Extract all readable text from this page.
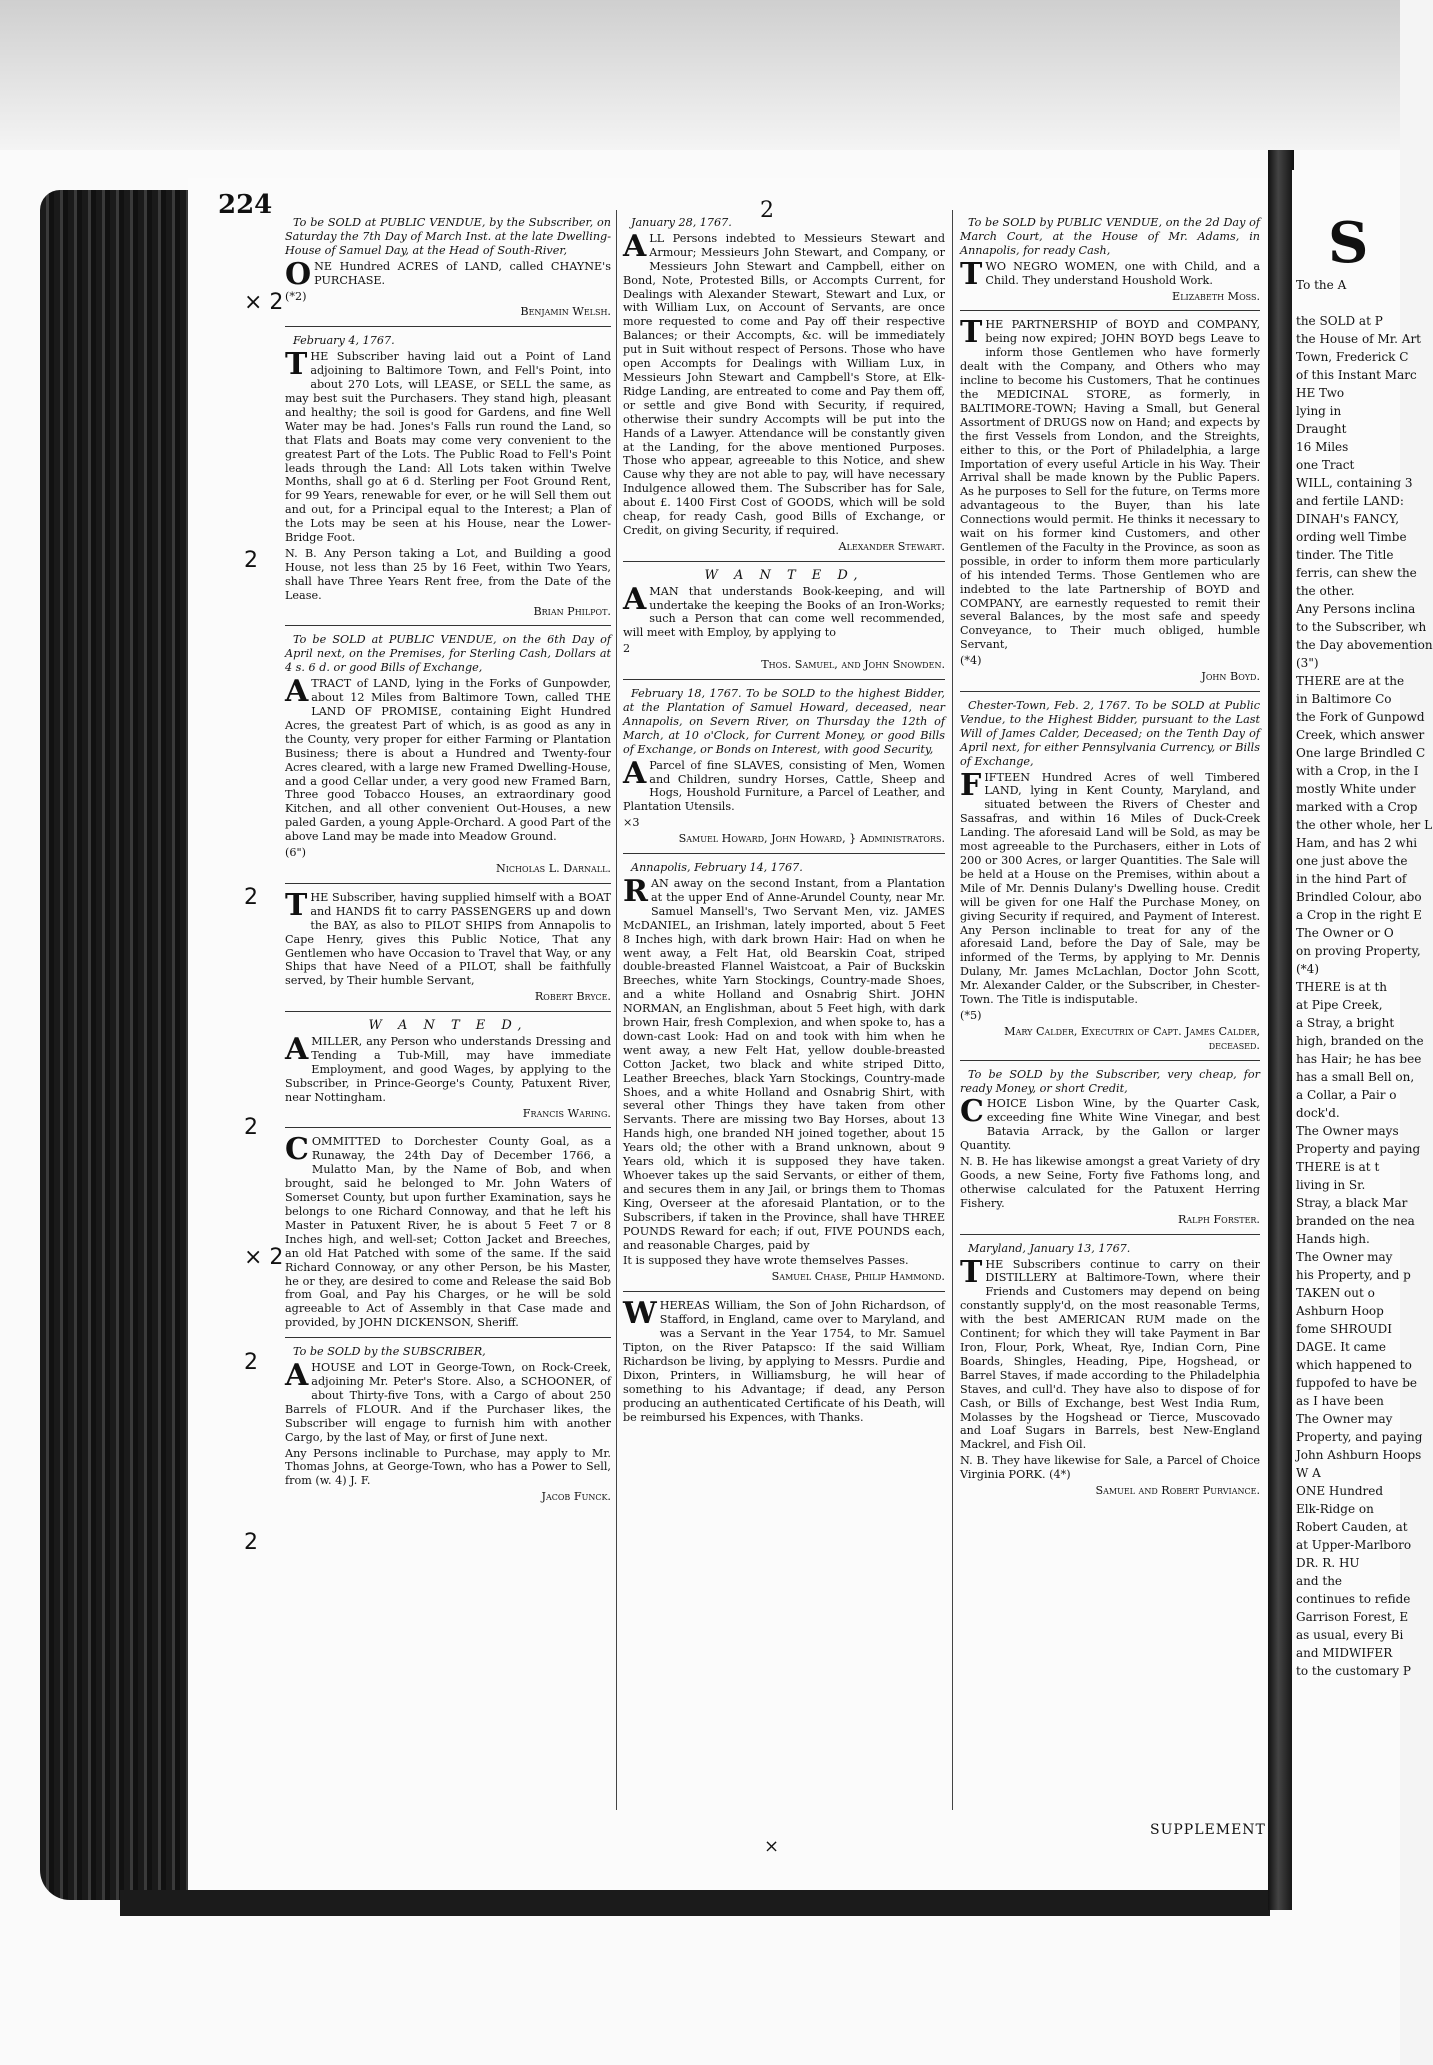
S
To the A

the SOLD at P
the House of Mr. Art
Town, Frederick C
of this Instant Marc
HE Two
lying in
Draught
16 Miles
one Tract
WILL, containing 3
and fertile LAND:
DINAH's FANCY,
ording well Timbe
tinder. The Title
ferris, can shew the
the other.
Any Persons inclina
to the Subscriber, wh
the Day abovemention
(3")
THERE are at the
in Baltimore Co
the Fork of Gunpowd
Creek, which answer
One large Brindled C
with a Crop, in the I
mostly White under
marked with a Crop
the other whole, her L
Ham, and has 2 whi
one just above the
in the hind Part of
Brindled Colour, abo
a Crop in the right E
The Owner or O
on proving Property,
(*4)
THERE is at th
at Pipe Creek,
a Stray, a bright
high, branded on the
has Hair; he has bee
has a small Bell on,
a Collar, a Pair o
dock'd.
The Owner mays
Property and paying
THERE is at t
living in Sr.
Stray, a black Mar
branded on the nea
Hands high.
The Owner may
his Property, and p
TAKEN out o
Ashburn Hoop
fome SHROUDI
DAGE. It came
which happened to
fuppofed to have be
as I have been
The Owner may
Property, and paying
John Ashburn Hoops
W A
ONE Hundred
Elk-Ridge on
Robert Cauden, at
at Upper-Marlboro
DR. R. HU
and the
continues to refide
Garrison Forest, E
as usual, every Bi
and MIDWIFER
to the customary P
224	2

To be SOLD at PUBLIC VENDUE, by the Subscriber, on Saturday the 7th Day of March Inst. at the late Dwelling-House of Samuel Day, at the Head of South-River,

ONE Hundred ACRES of LAND, called CHAYNE's PURCHASE.

(*2)

Benjamin Welsh.

February 4, 1767.

THE Subscriber having laid out a Point of Land adjoining to Baltimore Town, and Fell's Point, into about 270 Lots, will LEASE, or SELL the same, as may best suit the Purchasers. They stand high, pleasant and healthy; the soil is good for Gardens, and fine Well Water may be had. Jones's Falls run round the Land, so that Flats and Boats may come very convenient to the greatest Part of the Lots. The Public Road to Fell's Point leads through the Land: All Lots taken within Twelve Months, shall go at 6 d. Sterling per Foot Ground Rent, for 99 Years, renewable for ever, or he will Sell them out and out, for a Principal equal to the Interest; a Plan of the Lots may be seen at his House, near the Lower-Bridge Foot.

N. B. Any Person taking a Lot, and Building a good House, not less than 25 by 16 Feet, within Two Years, shall have Three Years Rent free, from the Date of the Lease.

Brian Philpot.

To be SOLD at PUBLIC VENDUE, on the 6th Day of April next, on the Premises, for Sterling Cash, Dollars at 4 s. 6 d. or good Bills of Exchange,

ATRACT of LAND, lying in the Forks of Gunpowder, about 12 Miles from Baltimore Town, called THE LAND OF PROMISE, containing Eight Hundred Acres, the greatest Part of which, is as good as any in the County, very proper for either Farming or Plantation Business; there is about a Hundred and Twenty-four Acres cleared, with a large new Framed Dwelling-House, and a good Cellar under, a very good new Framed Barn, Three good Tobacco Houses, an extraordinary good Kitchen, and all other convenient Out-Houses, a new paled Garden, a young Apple-Orchard. A good Part of the above Land may be made into Meadow Ground.

(6")

Nicholas L. Darnall.

THE Subscriber, having supplied himself with a BOAT and HANDS fit to carry PASSENGERS up and down the BAY, as also to PILOT SHIPS from Annapolis to Cape Henry, gives this Public Notice, That any Gentlemen who have Occasion to Travel that Way, or any Ships that have Need of a PILOT, shall be faithfully served, by Their humble Servant,

Robert Bryce.

W A N T E D,

AMILLER, any Person who understands Dressing and Tending a Tub-Mill, may have immediate Employment, and good Wages, by applying to the Subscriber, in Prince-George's County, Patuxent River, near Nottingham.

Francis Waring.

COMMITTED to Dorchester County Goal, as a Runaway, the 24th Day of December 1766, a Mulatto Man, by the Name of Bob, and when brought, said he belonged to Mr. John Waters of Somerset County, but upon further Examination, says he belongs to one Richard Connoway, and that he left his Master in Patuxent River, he is about 5 Feet 7 or 8 Inches high, and well-set; Cotton Jacket and Breeches, an old Hat Patched with some of the same. If the said Richard Connoway, or any other Person, be his Master, he or they, are desired to come and Release the said Bob from Goal, and Pay his Charges, or he will be sold agreeable to Act of Assembly in that Case made and provided, by JOHN DICKENSON, Sheriff.

To be SOLD by the SUBSCRIBER,

AHOUSE and LOT in George-Town, on Rock-Creek, adjoining Mr. Peter's Store. Also, a SCHOONER, of about Thirty-five Tons, with a Cargo of about 250 Barrels of FLOUR. And if the Purchaser likes, the Subscriber will engage to furnish him with another Cargo, by the last of May, or first of June next.

Any Persons inclinable to Purchase, may apply to Mr. Thomas Johns, at George-Town, who has a Power to Sell, from (w. 4) J. F.

Jacob Funck.

January 28, 1767.

ALL Persons indebted to Messieurs Stewart and Armour; Messieurs John Stewart, and Company, or Messieurs John Stewart and Campbell, either on Bond, Note, Protested Bills, or Accompts Current, for Dealings with Alexander Stewart, Stewart and Lux, or with William Lux, on Account of Servants, are once more requested to come and Pay off their respective Balances; or their Accompts, &c. will be immediately put in Suit without respect of Persons. Those who have open Accompts for Dealings with William Lux, in Messieurs John Stewart and Campbell's Store, at Elk-Ridge Landing, are entreated to come and Pay them off, or settle and give Bond with Security, if required, otherwise their sundry Accompts will be put into the Hands of a Lawyer. Attendance will be constantly given at the Landing, for the above mentioned Purposes. Those who appear, agreeable to this Notice, and shew Cause why they are not able to pay, will have necessary Indulgence allowed them. The Subscriber has for Sale, about £. 1400 First Cost of GOODS, which will be sold cheap, for ready Cash, good Bills of Exchange, or Credit, on giving Security, if required.

Alexander Stewart.

W A N T E D,

AMAN that understands Book-keeping, and will undertake the keeping the Books of an Iron-Works; such a Person that can come well recommended, will meet with Employ, by applying to

2

Thos. Samuel, and John Snowden.

February 18, 1767. To be SOLD to the highest Bidder, at the Plantation of Samuel Howard, deceased, near Annapolis, on Severn River, on Thursday the 12th of March, at 10 o'Clock, for Current Money, or good Bills of Exchange, or Bonds on Interest, with good Security,

A Parcel of fine SLAVES, consisting of Men, Women and Children, sundry Horses, Cattle, Sheep and Hogs, Houshold Furniture, a Parcel of Leather, and Plantation Utensils.

×3

Samuel Howard, John Howard, } Administrators.

Annapolis, February 14, 1767.

RAN away on the second Instant, from a Plantation at the upper End of Anne-Arundel County, near Mr. Samuel Mansell's, Two Servant Men, viz. JAMES McDANIEL, an Irishman, lately imported, about 5 Feet 8 Inches high, with dark brown Hair: Had on when he went away, a Felt Hat, old Bearskin Coat, striped double-breasted Flannel Waistcoat, a Pair of Buckskin Breeches, white Yarn Stockings, Country-made Shoes, and a white Holland and Osnabrig Shirt. JOHN NORMAN, an Englishman, about 5 Feet high, with dark brown Hair, fresh Complexion, and when spoke to, has a down-cast Look: Had on and took with him when he went away, a new Felt Hat, yellow double-breasted Cotton Jacket, two black and white striped Ditto, Leather Breeches, black Yarn Stockings, Country-made Shoes, and a white Holland and Osnabrig Shirt, with several other Things they have taken from other Servants. There are missing two Bay Horses, about 13 Hands high, one branded NH joined together, about 15 Years old; the other with a Brand unknown, about 9 Years old, which it is supposed they have taken. Whoever takes up the said Servants, or either of them, and secures them in any Jail, or brings them to Thomas King, Overseer at the aforesaid Plantation, or to the Subscribers, if taken in the Province, shall have THREE POUNDS Reward for each; if out, FIVE POUNDS each, and reasonable Charges, paid by

It is supposed they have wrote themselves Passes.

Samuel Chase, Philip Hammond.

WHEREAS William, the Son of John Richardson, of Stafford, in England, came over to Maryland, and was a Servant in the Year 1754, to Mr. Samuel Tipton, on the River Patapsco: If the said William Richardson be living, by applying to Messrs. Purdie and Dixon, Printers, in Williamsburg, he will hear of something to his Advantage; if dead, any Person producing an authenticated Certificate of his Death, will be reimbursed his Expences, with Thanks.

To be SOLD by PUBLIC VENDUE, on the 2d Day of March Court, at the House of Mr. Adams, in Annapolis, for ready Cash,

TWO NEGRO WOMEN, one with Child, and a Child. They understand Houshold Work.

Elizabeth Moss.

THE PARTNERSHIP of BOYD and COMPANY, being now expired; JOHN BOYD begs Leave to inform those Gentlemen who have formerly dealt with the Company, and Others who may incline to become his Customers, That he continues the MEDICINAL STORE, as formerly, in BALTIMORE-TOWN; Having a Small, but General Assortment of DRUGS now on Hand; and expects by the first Vessels from London, and the Streights, either to this, or the Port of Philadelphia, a large Importation of every useful Article in his Way. Their Arrival shall be made known by the Public Papers. As he purposes to Sell for the future, on Terms more advantageous to the Buyer, than his late Connections would permit. He thinks it necessary to wait on his former kind Customers, and other Gentlemen of the Faculty in the Province, as soon as possible, in order to inform them more particularly of his intended Terms. Those Gentlemen who are indebted to the late Partnership of BOYD and COMPANY, are earnestly requested to remit their several Balances, by the most safe and speedy Conveyance, to Their much obliged, humble Servant,

(*4)

John Boyd.

Chester-Town, Feb. 2, 1767. To be SOLD at Public Vendue, to the Highest Bidder, pursuant to the Last Will of James Calder, Deceased; on the Tenth Day of April next, for either Pennsylvania Currency, or Bills of Exchange,

FIFTEEN Hundred Acres of well Timbered LAND, lying in Kent County, Maryland, and situated between the Rivers of Chester and Sassafras, and within 16 Miles of Duck-Creek Landing. The aforesaid Land will be Sold, as may be most agreeable to the Purchasers, either in Lots of 200 or 300 Acres, or larger Quantities. The Sale will be held at a House on the Premises, within about a Mile of Mr. Dennis Dulany's Dwelling house. Credit will be given for one Half the Purchase Money, on giving Security if required, and Payment of Interest. Any Person inclinable to treat for any of the aforesaid Land, before the Day of Sale, may be informed of the Terms, by applying to Mr. Dennis Dulany, Mr. James McLachlan, Doctor John Scott, Mr. Alexander Calder, or the Subscriber, in Chester-Town. The Title is indisputable.

(*5)

Mary Calder, Executrix of Capt. James Calder, deceased.

To be SOLD by the Subscriber, very cheap, for ready Money, or short Credit,

CHOICE Lisbon Wine, by the Quarter Cask, exceeding fine White Wine Vinegar, and best Batavia Arrack, by the Gallon or larger Quantity.

N. B. He has likewise amongst a great Variety of dry Goods, a new Seine, Forty five Fathoms long, and otherwise calculated for the Patuxent Herring Fishery.

Ralph Forster.

Maryland, January 13, 1767.

THE Subscribers continue to carry on their DISTILLERY at Baltimore-Town, where their Friends and Customers may depend on being constantly supply'd, on the most reasonable Terms, with the best AMERICAN RUM made on the Continent; for which they will take Payment in Bar Iron, Flour, Pork, Wheat, Rye, Indian Corn, Pine Boards, Shingles, Heading, Pipe, Hogshead, or Barrel Staves, if made according to the Philadelphia Staves, and cull'd. They have also to dispose of for Cash, or Bills of Exchange, best West India Rum, Molasses by the Hogshead or Tierce, Muscovado and Loaf Sugars in Barrels, best New-England Mackrel, and Fish Oil.

N. B. They have likewise for Sale, a Parcel of Choice Virginia PORK. (4*)

Samuel and Robert Purviance.

× 2
2
2
2
× 2
2
2
SUPPLEMENT
×
